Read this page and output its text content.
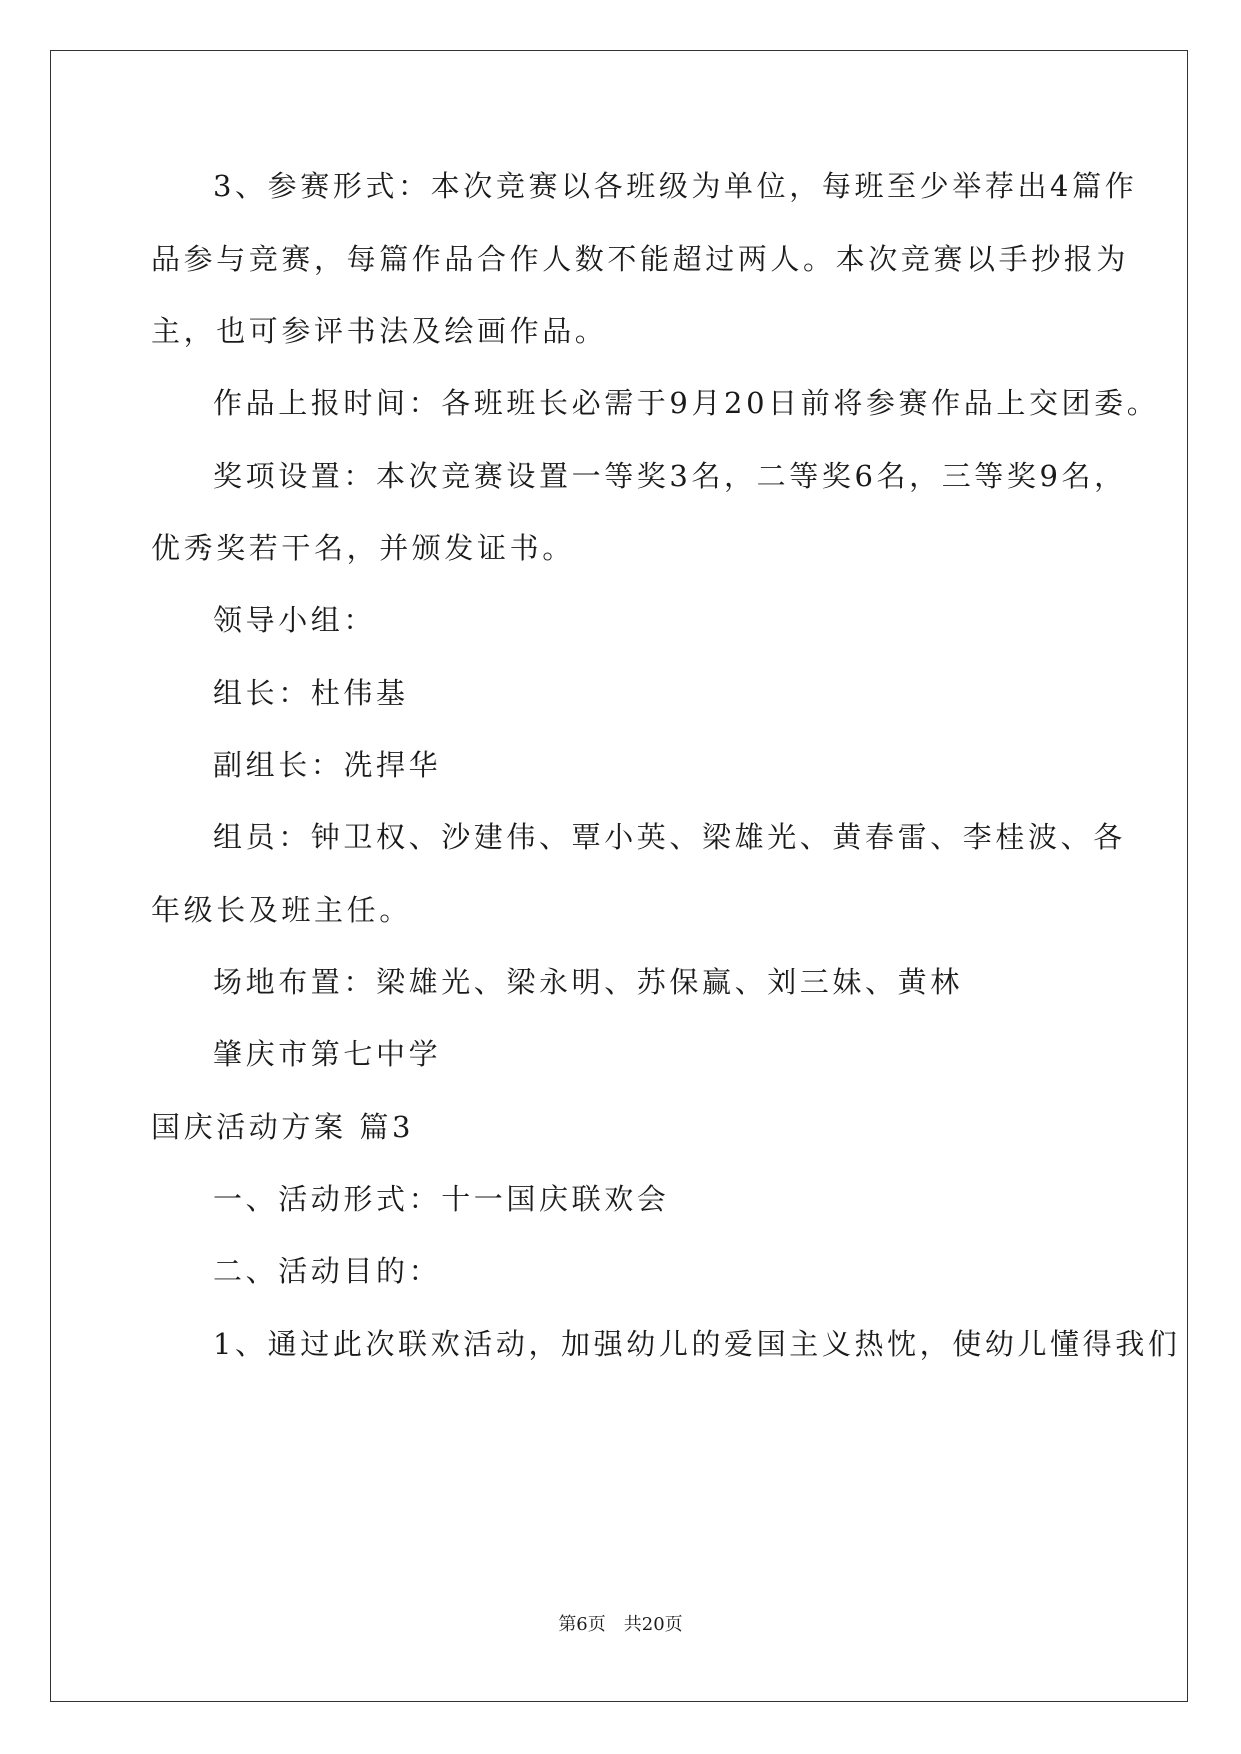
3、参赛形式：本次竞赛以各班级为单位，每班至少举荐出4篇作
品参与竞赛，每篇作品合作人数不能超过两人。本次竞赛以手抄报为
主，也可参评书法及绘画作品。
作品上报时间：各班班长必需于9月20日前将参赛作品上交团委。
奖项设置：本次竞赛设置一等奖3名，二等奖6名，三等奖9名，
优秀奖若干名，并颁发证书。
领导小组：
组长：杜伟基
副组长：冼捍华
组员：钟卫权、沙建伟、覃小英、梁雄光、黄春雷、李桂波、各
年级长及班主任。
场地布置：梁雄光、梁永明、苏保赢、刘三妹、黄林
肇庆市第七中学
国庆活动方案 篇3
一、活动形式：十一国庆联欢会
二、活动目的：
1、通过此次联欢活动，加强幼儿的爱国主义热忱，使幼儿懂得我们
第6页 共20页
